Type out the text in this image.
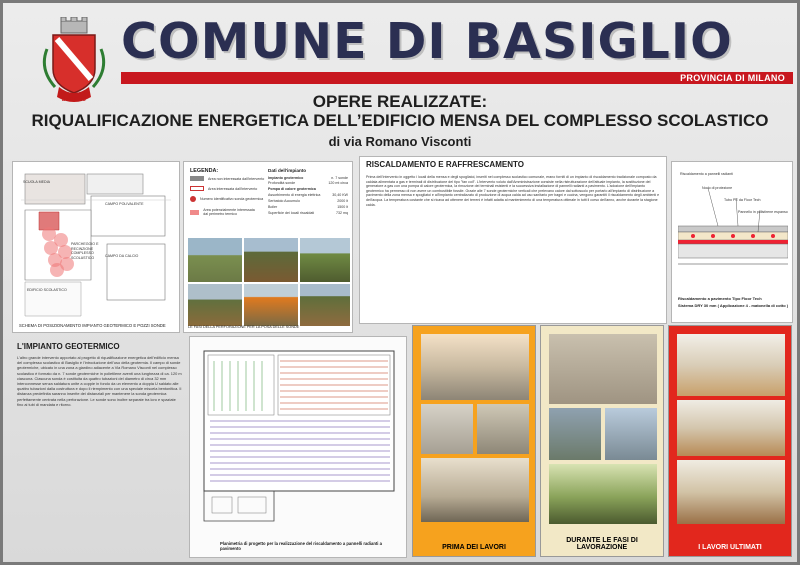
BASIGLIO
COMUNE DI BASIGLIO
PROVINCIA DI MILANO
OPERE REALIZZATE:
RIQUALIFICAZIONE ENERGETICA DELL’EDIFICIO MENSA DEL COMPLESSO SCOLASTICO
di via Romano Visconti
CAMPO POLIVALENTE
CAMPO DA CALCIO
SCUOLA MEDIA
PARCHEGGIO E RECINZIONE COMPLESSO SCOLASTICO
EDIFICIO SCOLASTICO
SCHEMA DI POSIZIONAMENTO IMPIANTO GEOTERMICO E POZZI SONDE
LEGENDA:
Area non interessata dall'intervento
Area interessata dall'intervento
Numero identificativo sonda geotermica
Area potenzialmente interessata dal perimetro termico
Dati dell'impianto
Impianto geotermico	n. 7 sonde
Profondità sonde	120 mt circa
Pompa di calore geotermica
Assorbimento di energia elettrica	30,40 KW
Serbatoio Accumulo	2000 lt
Boiler	1500 lt
Superficie dei locali riscaldati	732 mq
LE FASI DELLA PERFORAZIONE PER LA POSA DELLE SONDE
RISCALDAMENTO E RAFFRESCAMENTO
Prima dell'intervento in oggetto i locali della mensa e degli spogliatoi, inseriti nel complesso scolastico comunale, erano forniti di un impianto di riscaldamento tradizionale composto da caldaia alimentata a gas e terminali di distribuzione del tipo "fan coil". L'intervento voluto dall'Amministrazione consiste nella ristrutturazione dell'attuale impianto, la sostituzione del generatore a gas con una pompa di calore geotermica, la rimozione dei terminali esistenti e la successiva installazione di pannelli radianti a pavimento. L'adozione dell'impianto geotermico ha permesso di non avere un combustibile fossile. Grazie alle 7 sonde geotermiche verticali che prelevano calore dal sottosuolo per portarlo all'impianto di distribuzione a pavimento della zona mensa e spogliatoi e all'impianto centralizzato di produzione di acqua calda ad uso sanitario per bagni e cucina, vengono garantiti il riscaldamento degli ambienti e dell'acqua. La temperatura costante che si ricava ad ottenere dei terreni è infatti adatta al mantenimento di una temperatura ottimale in tutti il corso dell'anno, anche durante la stagione calda.
Riscaldamento a pannelli radianti
Nodo di protezione
Tubo PE da Floor Tech
Pannello in polistirene espanso
Riscaldamento a pavimento Tipo Floor Tech
Sistema DRY 30 mm ( Applicazione 4 - matonella di cotto )
L'IMPIANTO GEOTERMICO
L'altro grande intervento apportato al progetto di riqualificazione energetica dell'edificio mensa del complesso scolastico di Basiglio è l'introduzione dell'uso della geotermia. Il campo di sonde geotermiche, ubicato in una zona a giardino adiacente a Via Romano Visconti nel complesso scolastico è formato da n. 7 sonde geotermiche in polietilene aventi una lunghezza di ca. 120 m ciascuna. Ciascuna sonda è costituita da quattro tubazioni del diametro di circa 32 mm interconnesse senza saldatura unite a coppie in fondo da un elemento a doppia U saldato alle quattro tubazioni dalla costruttura e dopo il riempimento con una speciale miscela bentonitica. Il distanza predefinita saranno inserite dei distanziali per mantenere la sonda geotermica perfettamente centrata nella perforazione. Le sonde sono inoltre separate tra loro e spaziate fino ai tubi di mandata e ritorno.
Planimetria di progetto per la realizzazione del riscaldamento a pannelli radianti a pavimento	PRIMA DEI LAVORI
DURANTE LE FASI DI LAVORAZIONE	I LAVORI ULTIMATI
